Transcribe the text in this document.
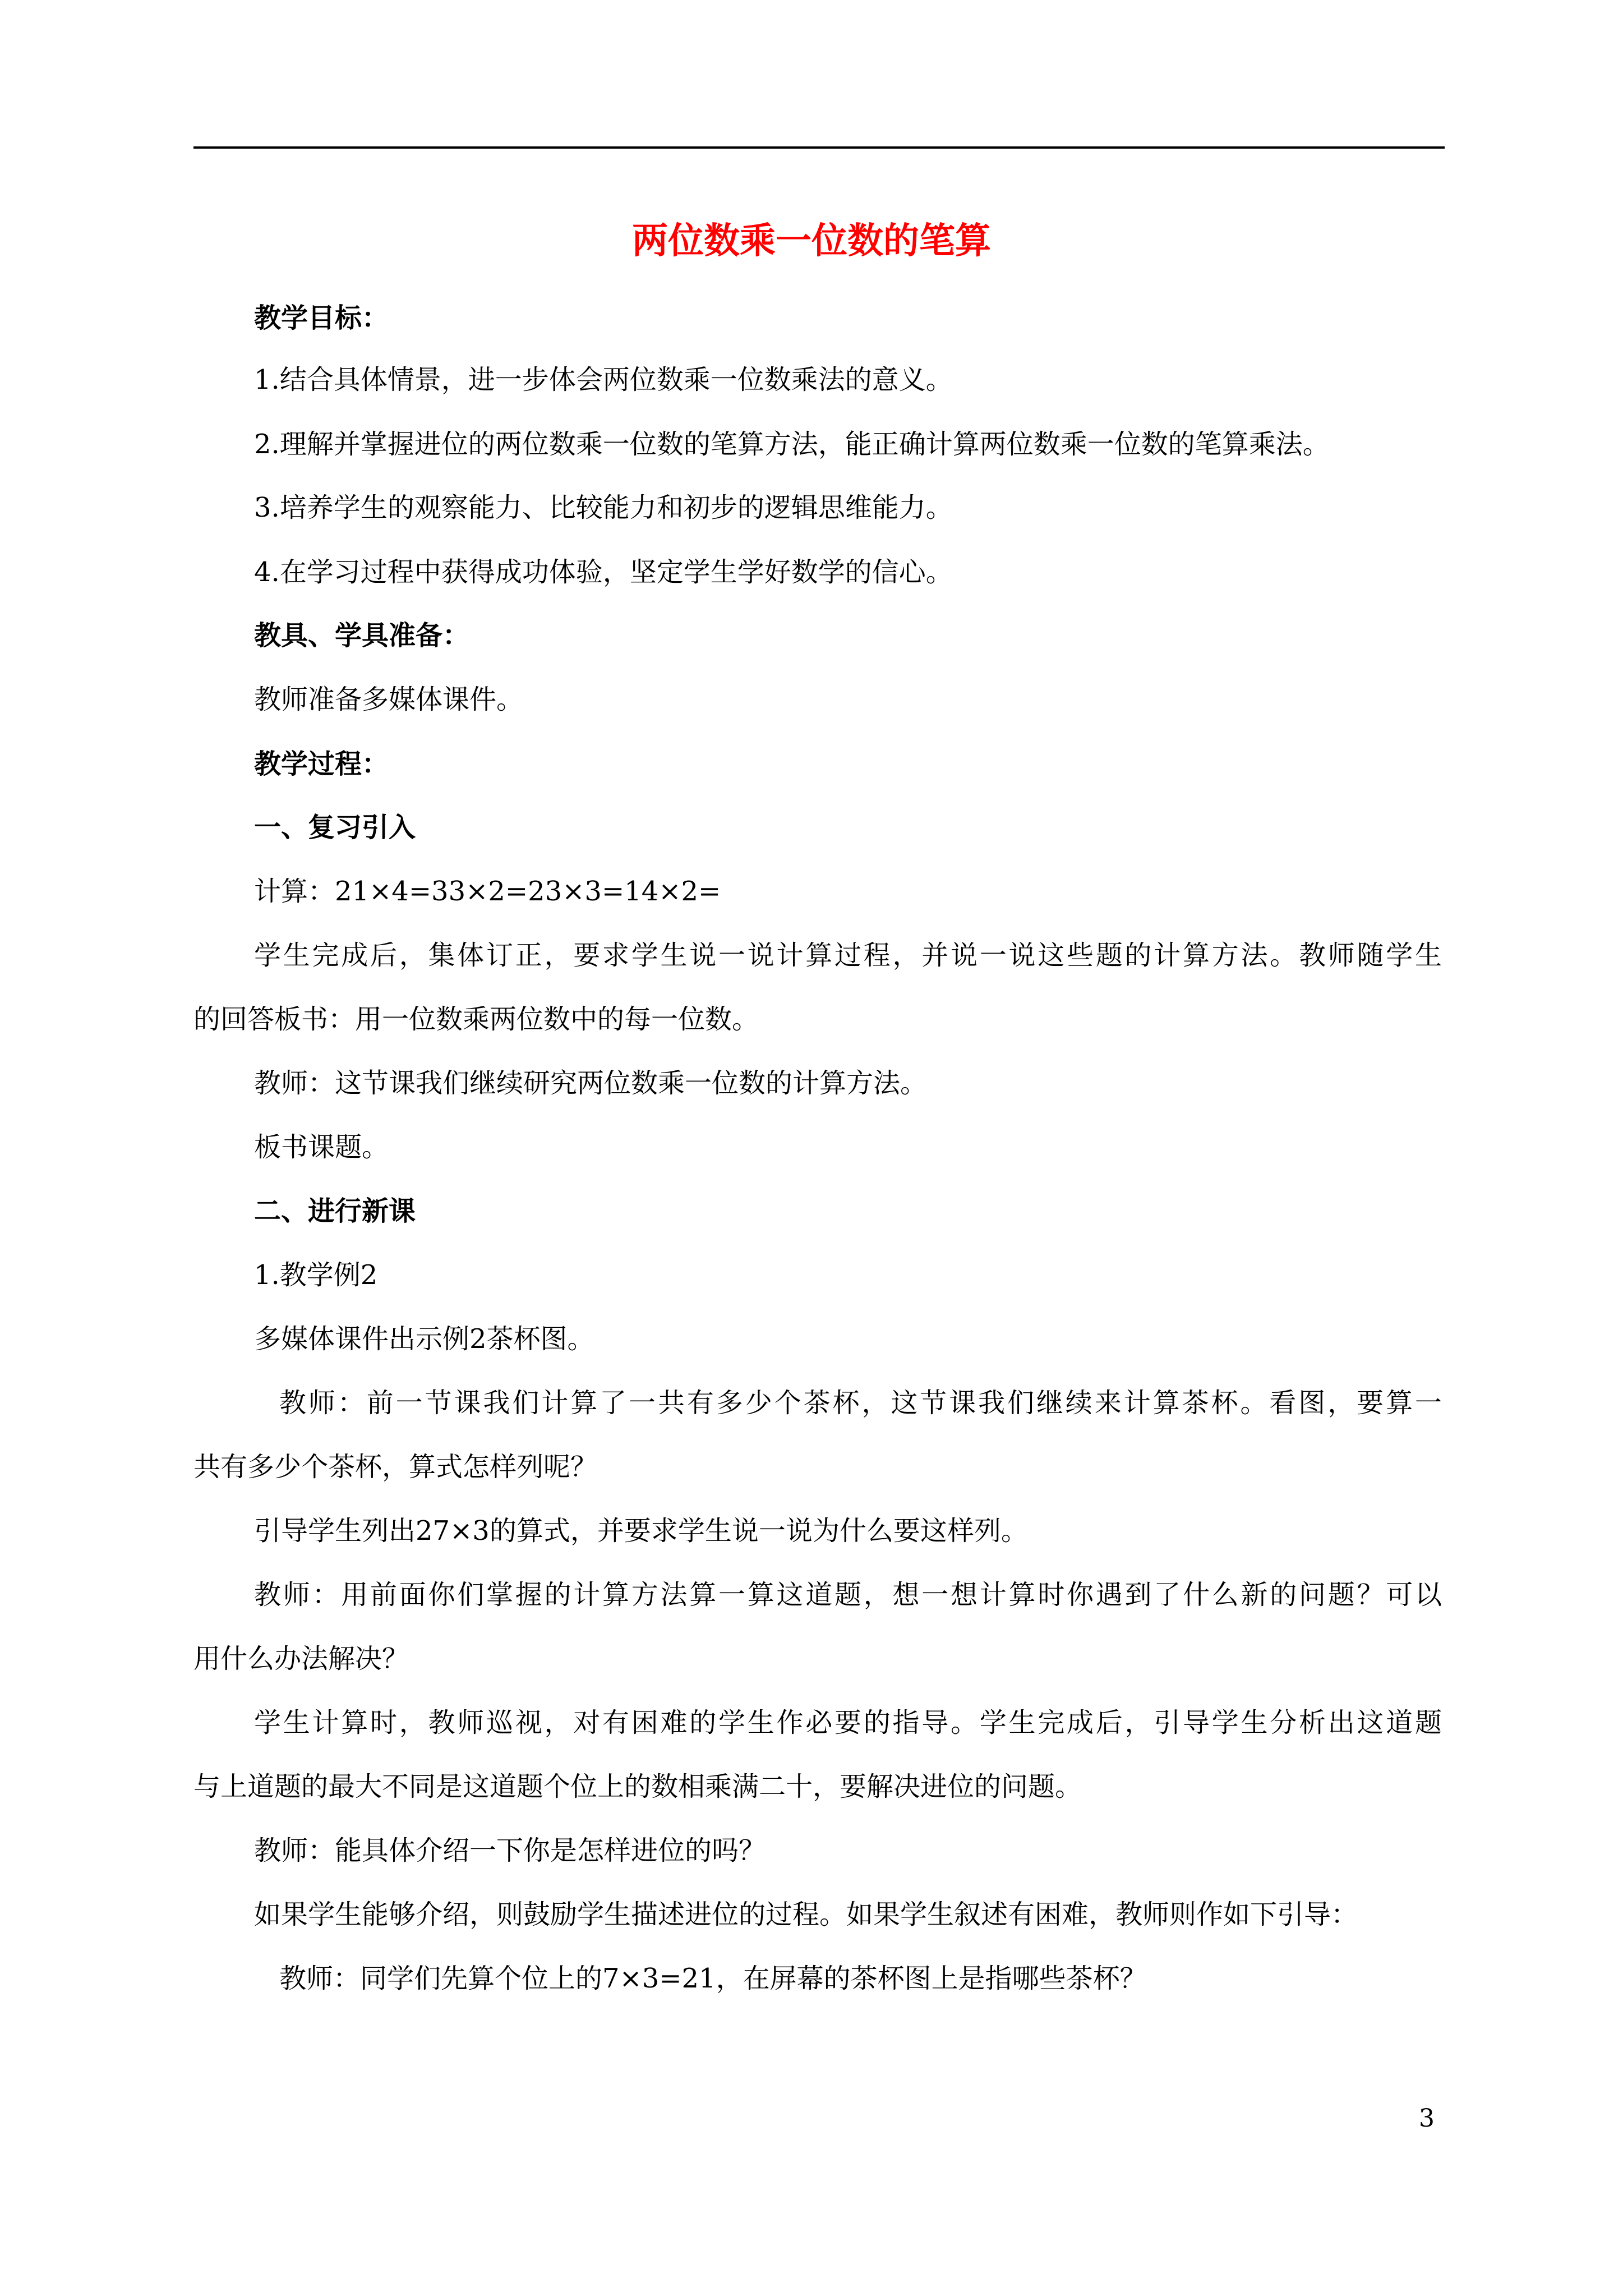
两位数乘一位数的笔算
教学目标：
1.结合具体情景，进一步体会两位数乘一位数乘法的意义。
2.理解并掌握进位的两位数乘一位数的笔算方法，能正确计算两位数乘一位数的笔算乘法。
3.培养学生的观察能力、比较能力和初步的逻辑思维能力。
4.在学习过程中获得成功体验，坚定学生学好数学的信心。
教具、学具准备：
教师准备多媒体课件。
教学过程：
一、复习引入
计算：21×4=33×2=23×3=14×2=
学生完成后，集体订正，要求学生说一说计算过程，并说一说这些题的计算方法。教师随学生
的回答板书：用一位数乘两位数中的每一位数。
教师：这节课我们继续研究两位数乘一位数的计算方法。
板书课题。
二、进行新课
1.教学例2
多媒体课件出示例2茶杯图。
教师：前一节课我们计算了一共有多少个茶杯，这节课我们继续来计算茶杯。看图，要算一
共有多少个茶杯，算式怎样列呢？
引导学生列出27×3的算式，并要求学生说一说为什么要这样列。
教师：用前面你们掌握的计算方法算一算这道题，想一想计算时你遇到了什么新的问题？可以
用什么办法解决？
学生计算时，教师巡视，对有困难的学生作必要的指导。学生完成后，引导学生分析出这道题
与上道题的最大不同是这道题个位上的数相乘满二十，要解决进位的问题。
教师：能具体介绍一下你是怎样进位的吗？
如果学生能够介绍，则鼓励学生描述进位的过程。如果学生叙述有困难，教师则作如下引导：
教师：同学们先算个位上的7×3=21，在屏幕的茶杯图上是指哪些茶杯？
3
